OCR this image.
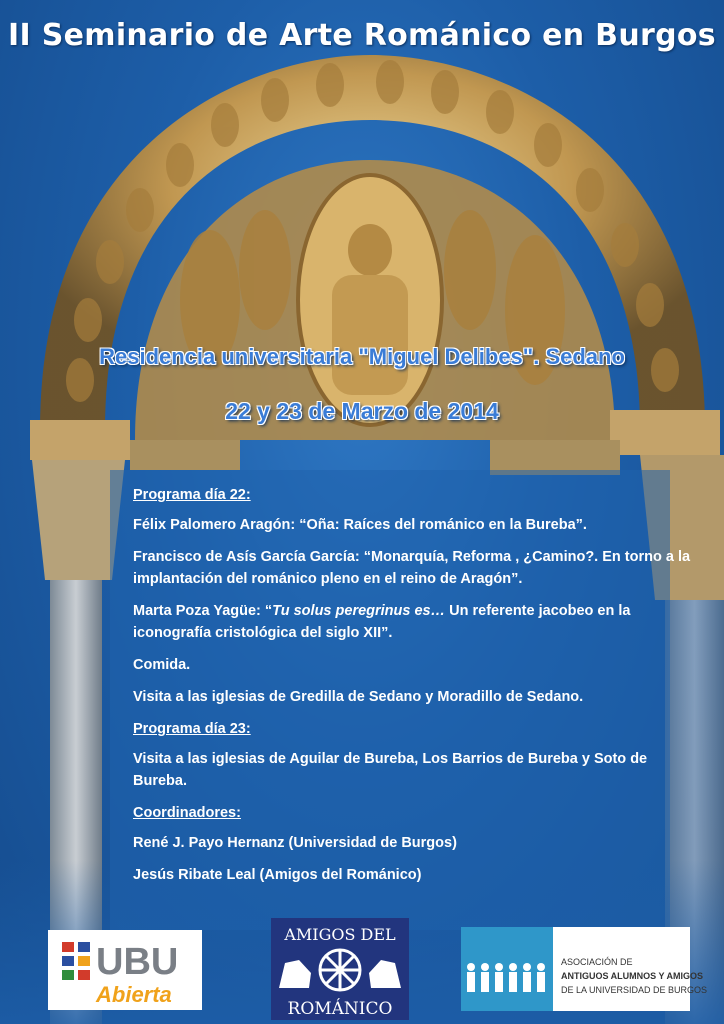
II Seminario de Arte Románico en Burgos
Residencia universitaria "Miguel Delibes". Sedano
22 y 23 de Marzo de 2014

Programa día 22:

Félix Palomero Aragón: “Oña: Raíces del románico en la Bureba”.

Francisco de Asís García García: “Monarquía, Reforma , ¿Camino?. En torno a la implantación del románico pleno en el reino de Aragón”.

Marta Poza Yagüe: “Tu solus peregrinus es… Un referente jacobeo en la iconografía cristológica del siglo XII”.

Comida.

Visita a las iglesias de Gredilla de Sedano y Moradillo de Sedano.

Programa día 23:

Visita a las iglesias de Aguilar de Bureba, Los Barrios de Bureba y Soto de Bureba.

Coordinadores:

René J. Payo Hernanz (Universidad de Burgos)

Jesús Ribate Leal (Amigos del Románico)

UBU
Abierta
AMIGOS DEL
ROMÁNICO
ASOCIACIÓN DE
ANTIGUOS ALUMNOS Y AMIGOS
DE LA UNIVERSIDAD DE BURGOS
